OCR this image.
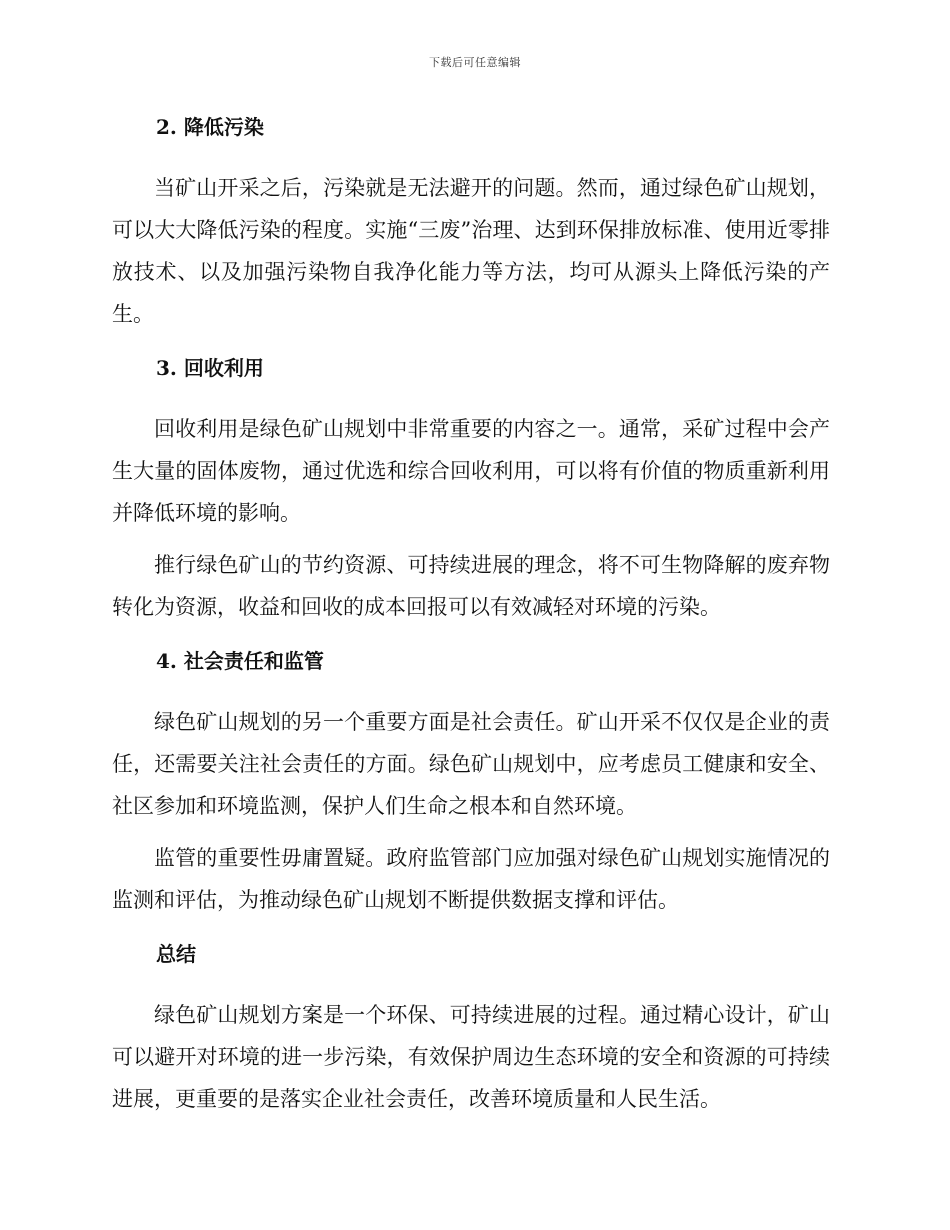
下载后可任意编辑
2. 降低污染

当矿山开采之后，污染就是无法避开的问题。然而，通过绿色矿山规划，可以大大降低污染的程度。实施“三废”治理、达到环保排放标准、使用近零排放技术、以及加强污染物自我净化能力等方法，均可从源头上降低污染的产生。

3. 回收利用

回收利用是绿色矿山规划中非常重要的内容之一。通常，采矿过程中会产生大量的固体废物，通过优选和综合回收利用，可以将有价值的物质重新利用并降低环境的影响。

推行绿色矿山的节约资源、可持续进展的理念，将不可生物降解的废弃物转化为资源，收益和回收的成本回报可以有效减轻对环境的污染。

4. 社会责任和监管

绿色矿山规划的另一个重要方面是社会责任。矿山开采不仅仅是企业的责任，还需要关注社会责任的方面。绿色矿山规划中，应考虑员工健康和安全、社区参加和环境监测，保护人们生命之根本和自然环境。

监管的重要性毋庸置疑。政府监管部门应加强对绿色矿山规划实施情况的监测和评估，为推动绿色矿山规划不断提供数据支撑和评估。

总结

绿色矿山规划方案是一个环保、可持续进展的过程。通过精心设计，矿山可以避开对环境的进一步污染，有效保护周边生态环境的安全和资源的可持续进展，更重要的是落实企业社会责任，改善环境质量和人民生活。
